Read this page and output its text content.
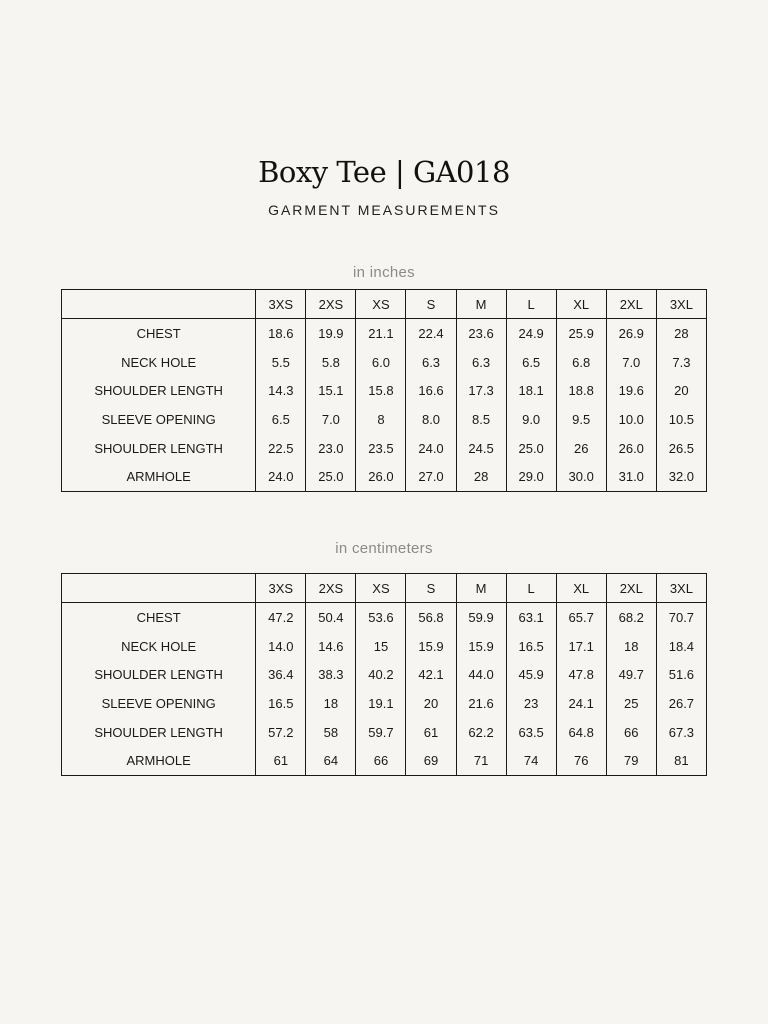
Boxy Tee | GA018
GARMENT MEASUREMENTS
in inches
	3XS	2XS	XS	S	M	L	XL	2XL	3XL
CHEST	18.6	19.9	21.1	22.4	23.6	24.9	25.9	26.9	28
NECK HOLE	5.5	5.8	6.0	6.3	6.3	6.5	6.8	7.0	7.3
SHOULDER LENGTH	14.3	15.1	15.8	16.6	17.3	18.1	18.8	19.6	20
SLEEVE OPENING	6.5	7.0	8	8.0	8.5	9.0	9.5	10.0	10.5
SHOULDER LENGTH	22.5	23.0	23.5	24.0	24.5	25.0	26	26.0	26.5
ARMHOLE	24.0	25.0	26.0	27.0	28	29.0	30.0	31.0	32.0
in centimeters
	3XS	2XS	XS	S	M	L	XL	2XL	3XL
CHEST	47.2	50.4	53.6	56.8	59.9	63.1	65.7	68.2	70.7
NECK HOLE	14.0	14.6	15	15.9	15.9	16.5	17.1	18	18.4
SHOULDER LENGTH	36.4	38.3	40.2	42.1	44.0	45.9	47.8	49.7	51.6
SLEEVE OPENING	16.5	18	19.1	20	21.6	23	24.1	25	26.7
SHOULDER LENGTH	57.2	58	59.7	61	62.2	63.5	64.8	66	67.3
ARMHOLE	61	64	66	69	71	74	76	79	81
